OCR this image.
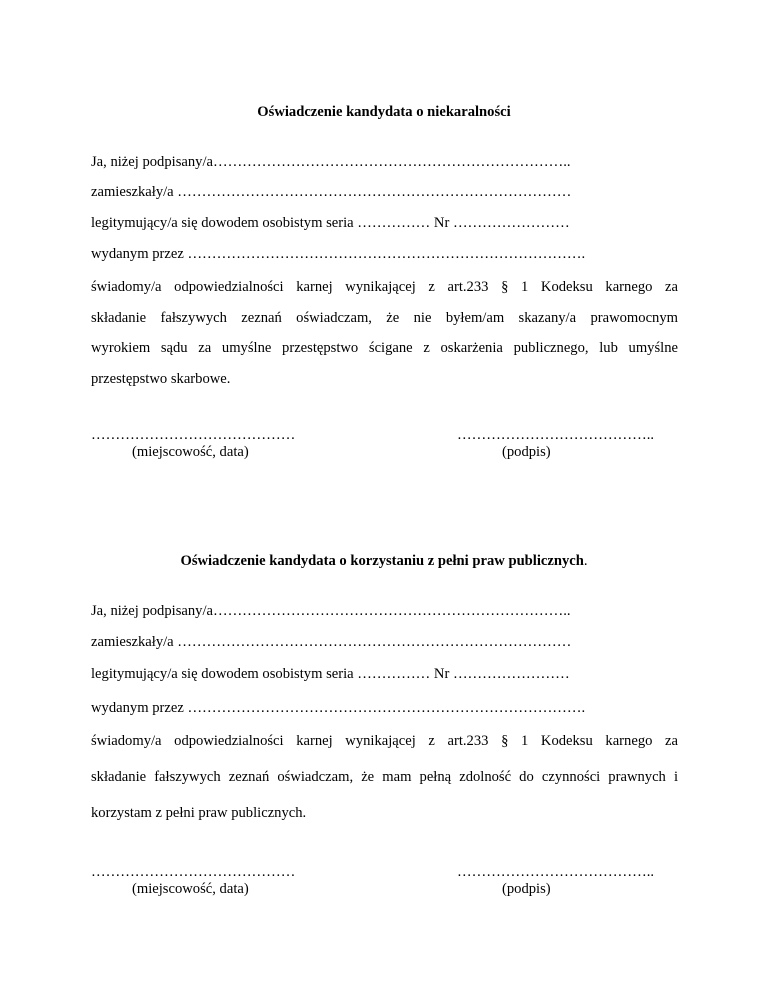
Oświadczenie kandydata o niekaralności
Ja, niżej podpisany/a………………………………………………………………..
zamieszkały/a ………………………………………………………………………
legitymujący/a się dowodem osobistym seria …………… Nr ……………………
wydanym przez ……………………………………………………………………….
świadomy/a odpowiedzialności karnej wynikającej z art.233 § 1 Kodeksu karnego za
składanie fałszywych zeznań oświadczam, że nie byłem/am skazany/a prawomocnym
wyrokiem sądu za umyślne przestępstwo ścigane z oskarżenia publicznego, lub umyślne
przestępstwo skarbowe.
……………………………………
(miejscowość, data)
…………………………………..
(podpis)
Oświadczenie kandydata o korzystaniu z pełni praw publicznych.
Ja, niżej podpisany/a………………………………………………………………..
zamieszkały/a ………………………………………………………………………
legitymujący/a się dowodem osobistym seria …………… Nr ……………………
wydanym przez ……………………………………………………………………….
świadomy/a odpowiedzialności karnej wynikającej z art.233 § 1 Kodeksu karnego za
składanie fałszywych zeznań oświadczam, że mam pełną zdolność do czynności prawnych i
korzystam z pełni praw publicznych.
……………………………………
(miejscowość, data)
…………………………………..
(podpis)
